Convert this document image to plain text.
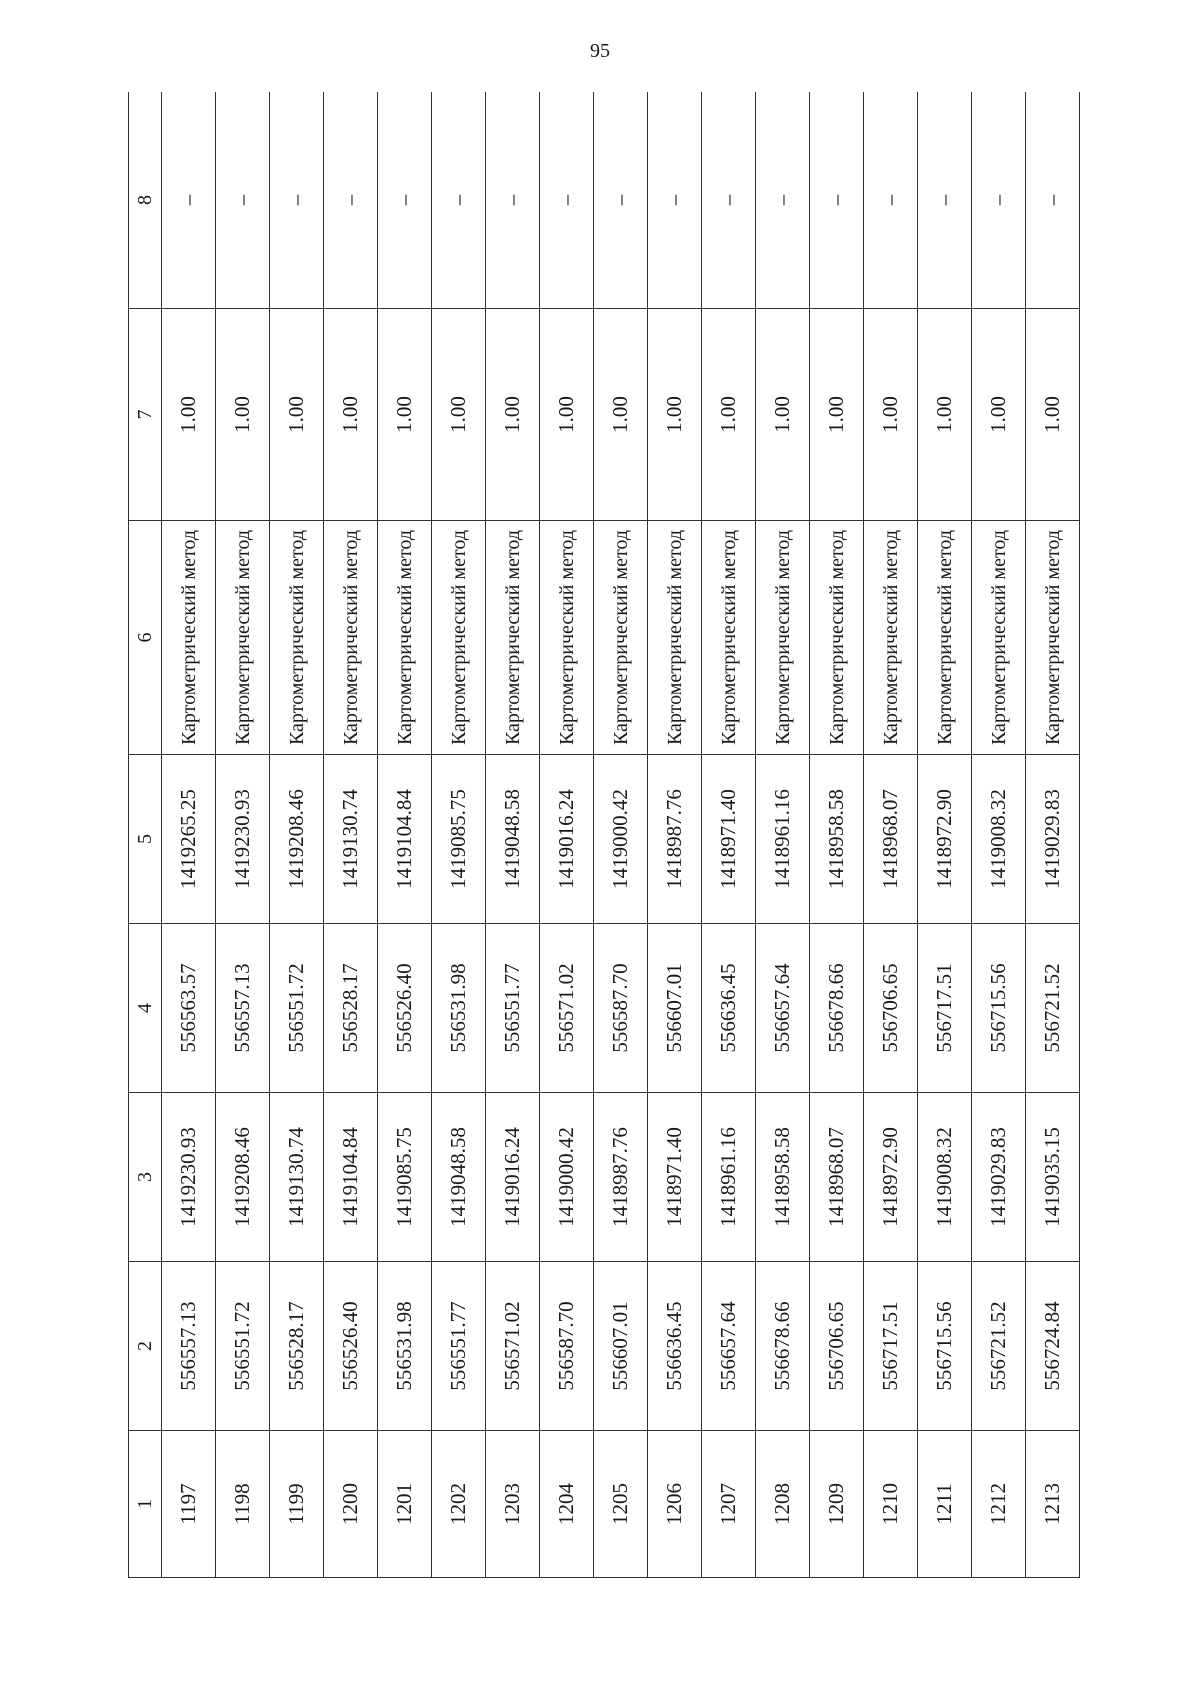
95
1	2	3	4	5	6	7	8
1197	556557.13	1419230.93	556563.57	1419265.25	Картометрический метод	1.00	–
1198	556551.72	1419208.46	556557.13	1419230.93	Картометрический метод	1.00	–
1199	556528.17	1419130.74	556551.72	1419208.46	Картометрический метод	1.00	–
1200	556526.40	1419104.84	556528.17	1419130.74	Картометрический метод	1.00	–
1201	556531.98	1419085.75	556526.40	1419104.84	Картометрический метод	1.00	–
1202	556551.77	1419048.58	556531.98	1419085.75	Картометрический метод	1.00	–
1203	556571.02	1419016.24	556551.77	1419048.58	Картометрический метод	1.00	–
1204	556587.70	1419000.42	556571.02	1419016.24	Картометрический метод	1.00	–
1205	556607.01	1418987.76	556587.70	1419000.42	Картометрический метод	1.00	–
1206	556636.45	1418971.40	556607.01	1418987.76	Картометрический метод	1.00	–
1207	556657.64	1418961.16	556636.45	1418971.40	Картометрический метод	1.00	–
1208	556678.66	1418958.58	556657.64	1418961.16	Картометрический метод	1.00	–
1209	556706.65	1418968.07	556678.66	1418958.58	Картометрический метод	1.00	–
1210	556717.51	1418972.90	556706.65	1418968.07	Картометрический метод	1.00	–
1211	556715.56	1419008.32	556717.51	1418972.90	Картометрический метод	1.00	–
1212	556721.52	1419029.83	556715.56	1419008.32	Картометрический метод	1.00	–
1213	556724.84	1419035.15	556721.52	1419029.83	Картометрический метод	1.00	–
